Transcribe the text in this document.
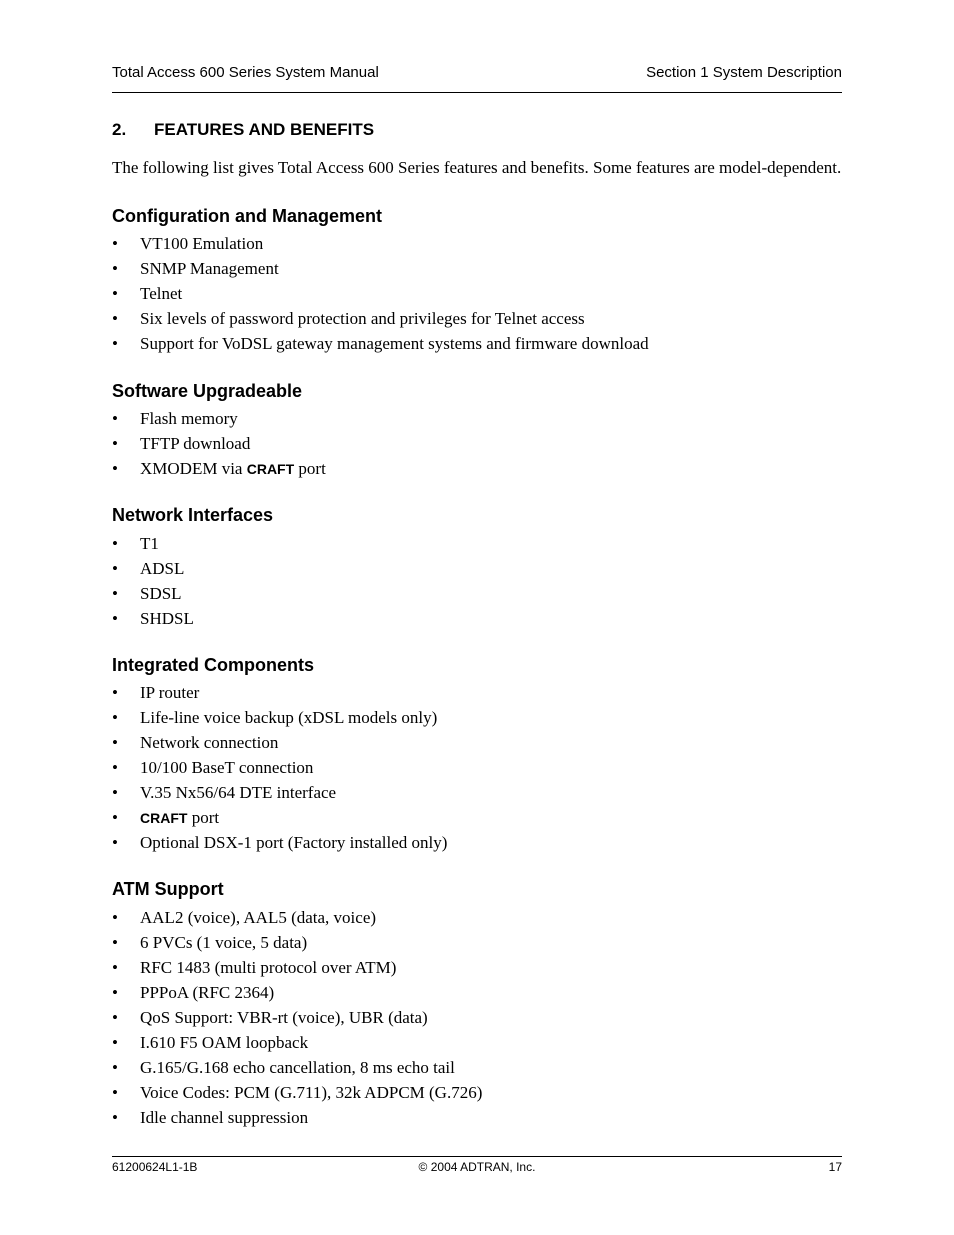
Total Access 600 Series System Manual	Section 1 System Description
2. FEATURES AND BENEFITS
The following list gives Total Access 600 Series features and benefits. Some features are model-dependent.
Configuration and Management
•	VT100 Emulation
•	SNMP Management
•	Telnet
•	Six levels of password protection and privileges for Telnet access
•	Support for VoDSL gateway management systems and firmware download
Software Upgradeable
•	Flash memory
•	TFTP download
•	XMODEM via CRAFT port
Network Interfaces
•	T1
•	ADSL
•	SDSL
•	SHDSL
Integrated Components
•	IP router
•	Life-line voice backup (xDSL models only)
•	Network connection
•	10/100 BaseT connection
•	V.35 Nx56/64 DTE interface
•	CRAFT port
•	Optional DSX-1 port (Factory installed only)
ATM Support
•	AAL2 (voice), AAL5 (data, voice)
•	6 PVCs (1 voice, 5 data)
•	RFC 1483 (multi protocol over ATM)
•	PPPoA (RFC 2364)
•	QoS Support: VBR-rt (voice), UBR (data)
•	I.610 F5 OAM loopback
•	G.165/G.168 echo cancellation, 8 ms echo tail
•	Voice Codes: PCM (G.711), 32k ADPCM (G.726)
•	Idle channel suppression
61200624L1-1B	© 2004 ADTRAN, Inc.	17
